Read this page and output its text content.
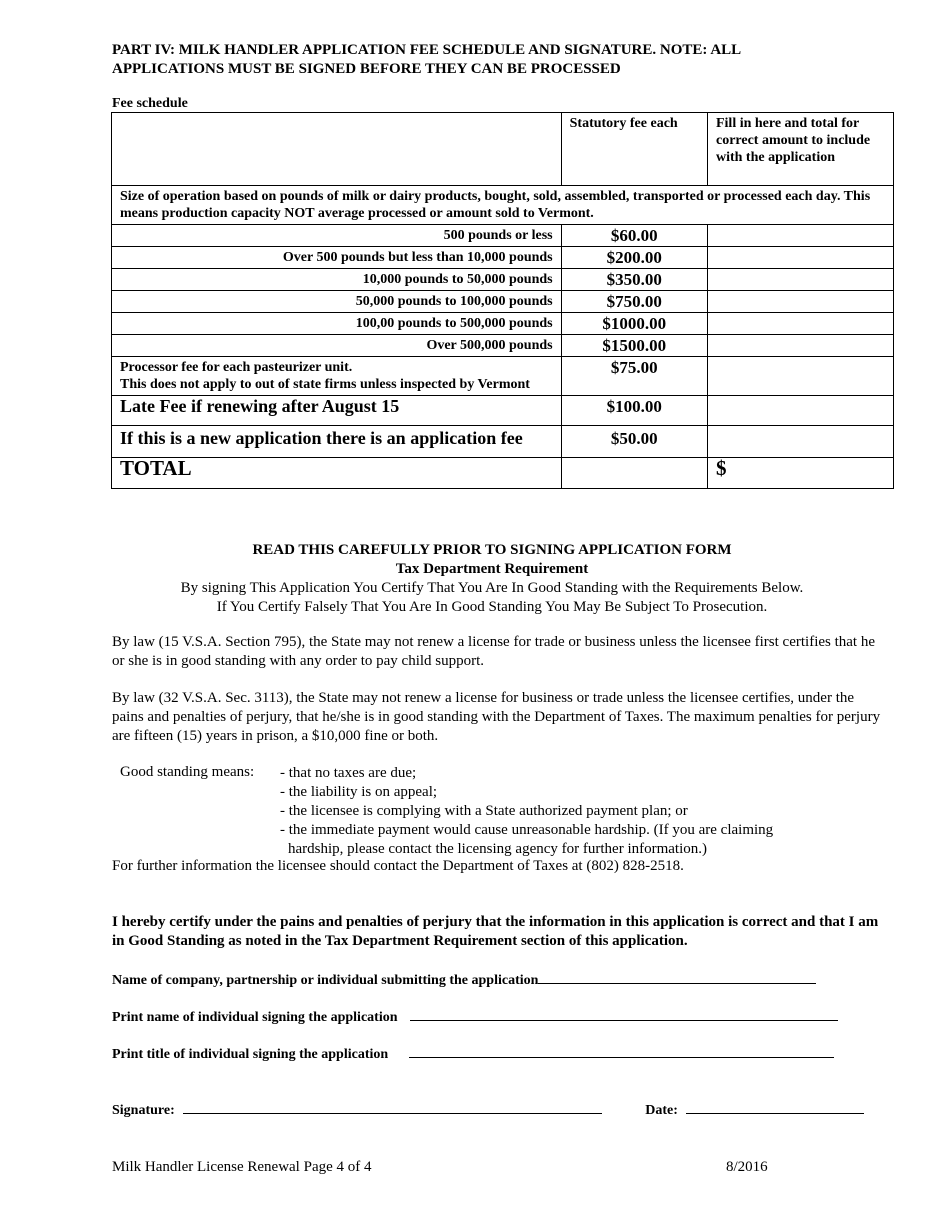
PART IV: MILK HANDLER APPLICATION FEE SCHEDULE AND SIGNATURE. NOTE: ALL
APPLICATIONS MUST BE SIGNED BEFORE THEY CAN BE PROCESSED
Fee schedule
	Statutory fee each	Fill in here and total for correct amount to include with the application
Size of operation based on pounds of milk or dairy products, bought, sold, assembled, transported or processed each day. This means production capacity NOT average processed or amount sold to Vermont.		
500 pounds or less	$60.00	
Over 500 pounds but less than 10,000 pounds	$200.00	
10,000 pounds to 50,000 pounds	$350.00	
50,000 pounds to 100,000 pounds	$750.00	
100,00 pounds to 500,000 pounds	$1000.00	
Over 500,000 pounds	$1500.00	

Processor fee for each pasteurizer unit.
This does not apply to out of state firms unless inspected by Vermont	$75.00	
Late Fee if renewing after August 15	$100.00	
If this is a new application there is an application fee	$50.00	
TOTAL		$
READ THIS CAREFULLY PRIOR TO SIGNING APPLICATION FORM
Tax Department Requirement
By signing This Application You Certify That You Are In Good Standing with the Requirements Below.
If You Certify Falsely That You Are In Good Standing You May Be Subject To Prosecution.
By law (15 V.S.A. Section 795), the State may not renew a license for trade or business unless the licensee first certifies that he or she is in good standing with any order to pay child support.
By law (32 V.S.A. Sec. 3113), the State may not renew a license for business or trade unless the licensee certifies, under the pains and penalties of perjury, that he/she is in good standing with the Department of Taxes. The maximum penalties for perjury are fifteen (15) years in prison, a $10,000 fine or both.
Good standing means: - that no taxes are due;
- the liability is on appeal;
- the licensee is complying with a State authorized payment plan; or
- the immediate payment would cause unreasonable hardship. (If you are claiming
hardship, please contact the licensing agency for further information.)
For further information the licensee should contact the Department of Taxes at (802) 828-2518.
I hereby certify under the pains and penalties of perjury that the information in this application is correct and that I am in Good Standing as noted in the Tax Department Requirement section of this application.
Name of company, partnership or individual submitting the application
Print name of individual signing the application
Print title of individual signing the application
Signature:	Date:
Milk Handler License Renewal Page 4 of 4	8/2016
